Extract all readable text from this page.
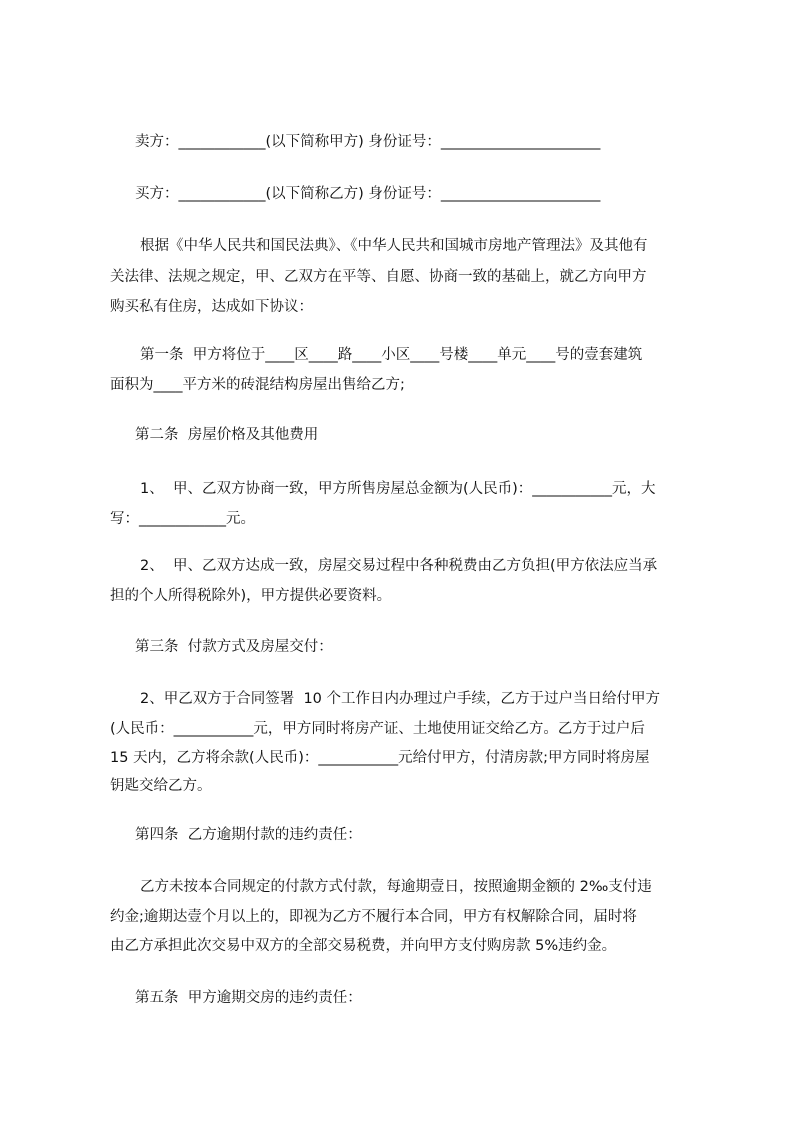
卖方：____________(以下简称甲方) 身份证号：______________________
买方：____________(以下简称乙方) 身份证号：______________________
根据《中华人民共和国民法典》、《中华人民共和国城市房地产管理法》及其他有
关法律、法规之规定，甲、乙双方在平等、自愿、协商一致的基础上，就乙方向甲方
购买私有住房，达成如下协议：
第一条  甲方将位于____区____路____小区____号楼____单元____号的壹套建筑
面积为____平方米的砖混结构房屋出售给乙方;
第二条  房屋价格及其他费用
1、  甲、乙双方协商一致，甲方所售房屋总金额为(人民币)：___________元，大
写：____________元。
2、  甲、乙双方达成一致，房屋交易过程中各种税费由乙方负担(甲方依法应当承
担的个人所得税除外)，甲方提供必要资料。
第三条  付款方式及房屋交付：
2、甲乙双方于合同签署  10 个工作日内办理过户手续，乙方于过户当日给付甲方
(人民币：___________元，甲方同时将房产证、土地使用证交给乙方。乙方于过户后
15 天内，乙方将余款(人民币)：___________元给付甲方，付清房款;甲方同时将房屋
钥匙交给乙方。
第四条  乙方逾期付款的违约责任：
乙方未按本合同规定的付款方式付款，每逾期壹日，按照逾期金额的 2‰支付违
约金;逾期达壹个月以上的，即视为乙方不履行本合同，甲方有权解除合同，届时将
由乙方承担此次交易中双方的全部交易税费，并向甲方支付购房款 5%违约金。
第五条  甲方逾期交房的违约责任：
